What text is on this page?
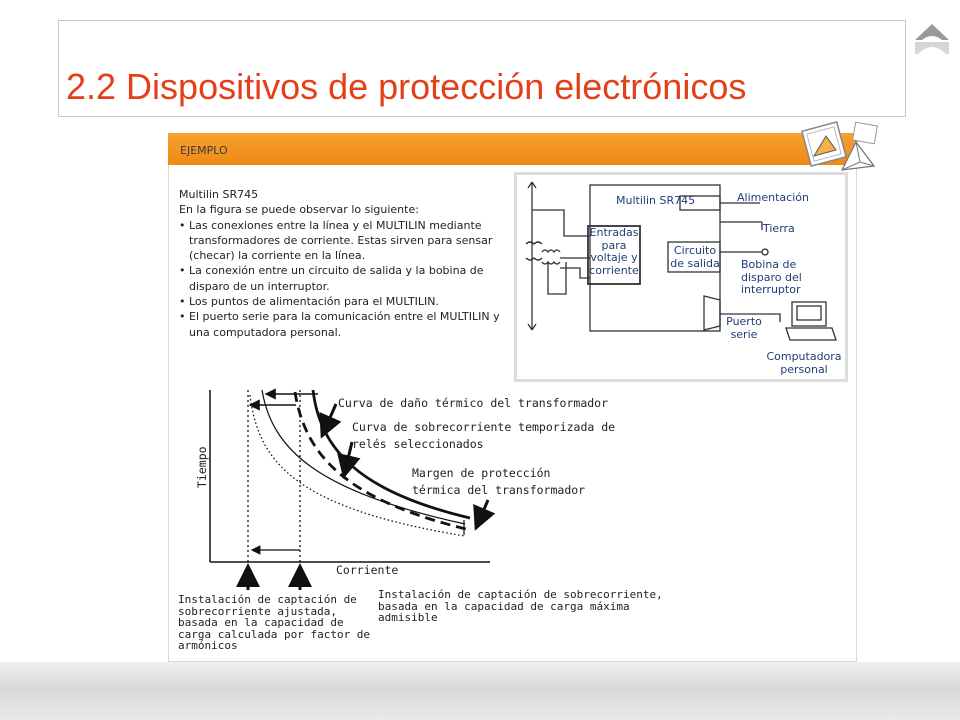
2.2 Dispositivos de protección electrónicos
EJEMPLO
Multilin SR745
En la figura se puede observar lo siguiente:
• Las conexiones entre la línea y el MULTILIN mediante transformadores de corriente. Estas sirven para sensar (checar) la corriente en la línea.
• La conexión entre un circuito de salida y la bobina de disparo de un interruptor.
• Los puntos de alimentación para el MULTILIN.
• El puerto serie para la comunicación entre el MULTILIN y una computadora personal.
Multilin SR745
Entradas para voltaje y corriente
Circuito de salida
Alimentación
Tierra
Bobina de disparo del interruptor
Puerto serie
Computadora personal
Curva de daño térmico del transformador
Curva de sobrecorriente temporizada de
relés seleccionados
Margen de protección
térmica del transformador
Corriente
Tiempo
Instalación de captación de sobrecorriente ajustada, basada en la capacidad de carga calculada por factor de armónicos
Instalación de captación de sobrecorriente, basada en la capacidad de carga máxima admisible
